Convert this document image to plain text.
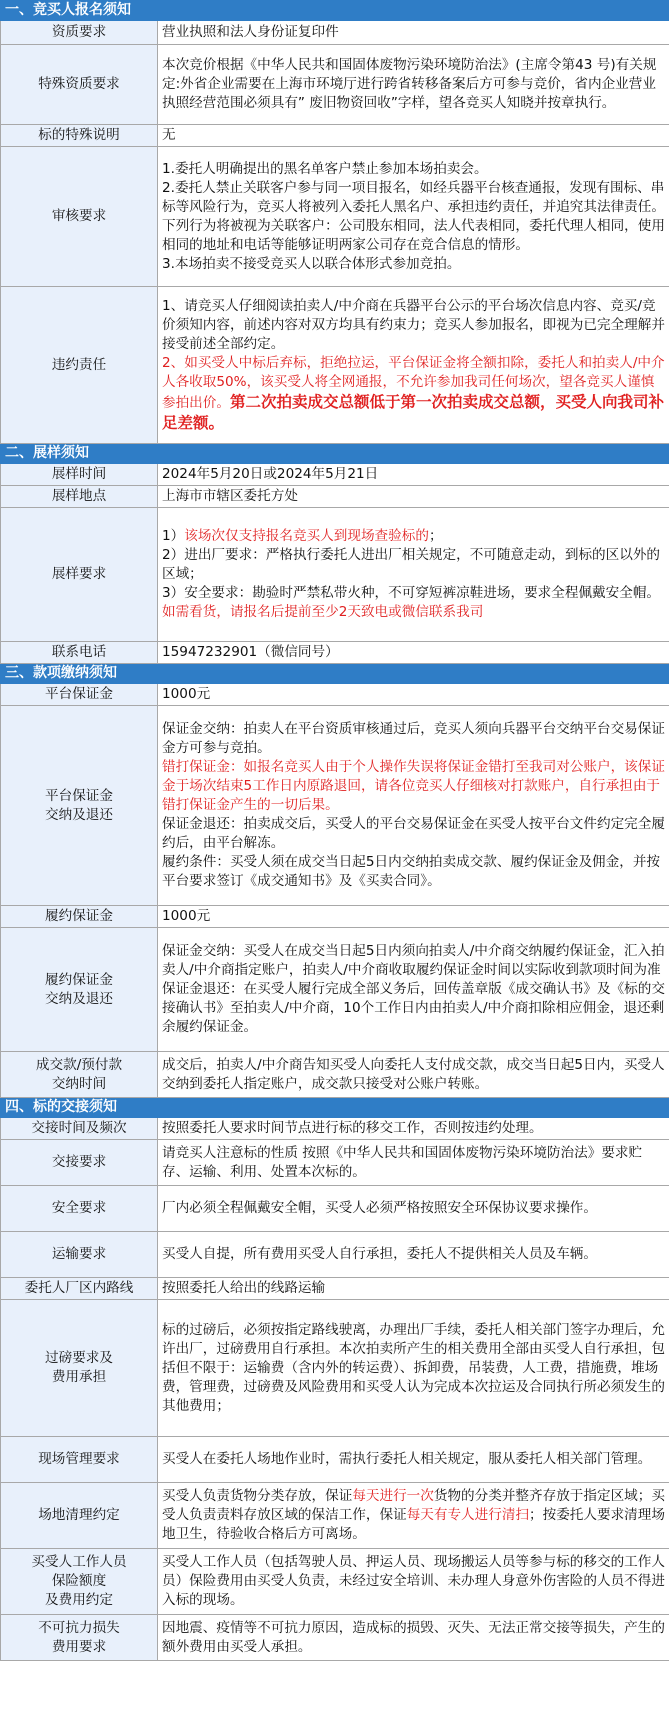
一、竞买人报名须知	
资质要求	营业执照和法人身份证复印件
特殊资质要求	本次竞价根据《中华人民共和国固体废物污染环境防治法》(主席令第43 号)有关规定:外省企业需要在上海市环境厅进行跨省转移备案后方可参与竞价，省内企业营业执照经营范围必须具有” 废旧物资回收”字样，望各竞买人知晓并按章执行。
标的特殊说明	无
审核要求	1.委托人明确提出的黑名单客户禁止参加本场拍卖会。
2.委托人禁止关联客户参与同一项目报名，如经兵器平台核查通报，发现有围标、串标等风险行为，竞买人将被列入委托人黑名户、承担违约责任，并追究其法律责任。下列行为将被视为关联客户：公司股东相同，法人代表相同，委托代理人相同，使用相同的地址和电话等能够证明两家公司存在竞合信息的情形。
3.本场拍卖不接受竞买人以联合体形式参加竞拍。

违约责任	1、请竞买人仔细阅读拍卖人/中介商在兵器平台公示的平台场次信息内容、竞买/竞价须知内容，前述内容对双方均具有约束力；竞买人参加报名，即视为已完全理解并接受前述全部约定。
2、如买受人中标后弃标，拒绝拉运，平台保证金将全额扣除，委托人和拍卖人/中介人各收取50%，该买受人将全网通报，不允许参加我司任何场次，望各竞买人谨慎参拍出价。第二次拍卖成交总额低于第一次拍卖成交总额，买受人向我司补足差额。

二、展样须知	
展样时间	2024年5月20日或2024年5月21日
展样地点	上海市市辖区委托方处
展样要求	1）该场次仅支持报名竞买人到现场查验标的；
2）进出厂要求：严格执行委托人进出厂相关规定，不可随意走动，到标的区以外的区域；
3）安全要求：勘验时严禁私带火种，不可穿短裤凉鞋进场，要求全程佩戴安全帽。
如需看货，请报名后提前至少2天致电或微信联系我司

联系电话	15947232901（微信同号）
三、款项缴纳须知	
平台保证金	1000元

平台保证金
交纳及退还	保证金交纳：拍卖人在平台资质审核通过后，竞买人须向兵器平台交纳平台交易保证金方可参与竞拍。
错打保证金：如报名竞买人由于个人操作失误将保证金错打至我司对公账户，该保证金于场次结束5工作日内原路退回，请各位竞买人仔细核对打款账户，自行承担由于错打保证金产生的一切后果。
保证金退还：拍卖成交后，买受人的平台交易保证金在买受人按平台文件约定完全履约后，由平台解冻。
履约条件：买受人须在成交当日起5日内交纳拍卖成交款、履约保证金及佣金，并按平台要求签订《成交通知书》及《买卖合同》。

履约保证金	1000元

履约保证金
交纳及退还	保证金交纳：买受人在成交当日起5日内须向拍卖人/中介商交纳履约保证金，汇入拍卖人/中介商指定账户，拍卖人/中介商收取履约保证金时间以实际收到款项时间为准
保证金退还：在买受人履行完成全部义务后，回传盖章版《成交确认书》及《标的交接确认书》至拍卖人/中介商，10个工作日内由拍卖人/中介商扣除相应佣金，退还剩余履约保证金。

成交款/预付款
交纳时间	成交后，拍卖人/中介商告知买受人向委托人支付成交款，成交当日起5日内，买受人交纳到委托人指定账户，成交款只接受对公账户转账。
四、标的交接须知	
交接时间及频次	按照委托人要求时间节点进行标的移交工作，否则按违约处理。
交接要求	请竞买人注意标的性质 按照《中华人民共和国固体废物污染环境防治法》要求贮存、运输、利用、处置本次标的。
安全要求	厂内必须全程佩戴安全帽，买受人必须严格按照安全环保协议要求操作。
运输要求	买受人自提，所有费用买受人自行承担，委托人不提供相关人员及车辆。
委托人厂区内路线	按照委托人给出的线路运输

过磅要求及
费用承担	标的过磅后，必须按指定路线驶离，办理出厂手续，委托人相关部门签字办理后，允许出厂，过磅费用自行承担。本次拍卖所产生的相关费用全部由买受人自行承担，包括但不限于：运输费（含内外的转运费）、拆卸费，吊装费，人工费，措施费，堆场费，管理费，过磅费及风险费用和买受人认为完成本次拉运及合同执行所必须发生的其他费用；
现场管理要求	买受人在委托人场地作业时，需执行委托人相关规定，服从委托人相关部门管理。
场地清理约定	买受人负责货物分类存放，保证每天进行一次货物的分类并整齐存放于指定区域；买受人负责责料存放区域的保洁工作，保证每天有专人进行清扫；按委托人要求清理场地卫生，待验收合格后方可离场。

买受人工作人员
保险额度
及费用约定	买受人工作人员（包括驾驶人员、押运人员、现场搬运人员等参与标的移交的工作人员）保险费用由买受人负责，未经过安全培训、未办理人身意外伤害险的人员不得进入标的现场。

不可抗力损失
费用要求	因地震、疫情等不可抗力原因，造成标的损毁、灭失、无法正常交接等损失，产生的额外费用由买受人承担。
